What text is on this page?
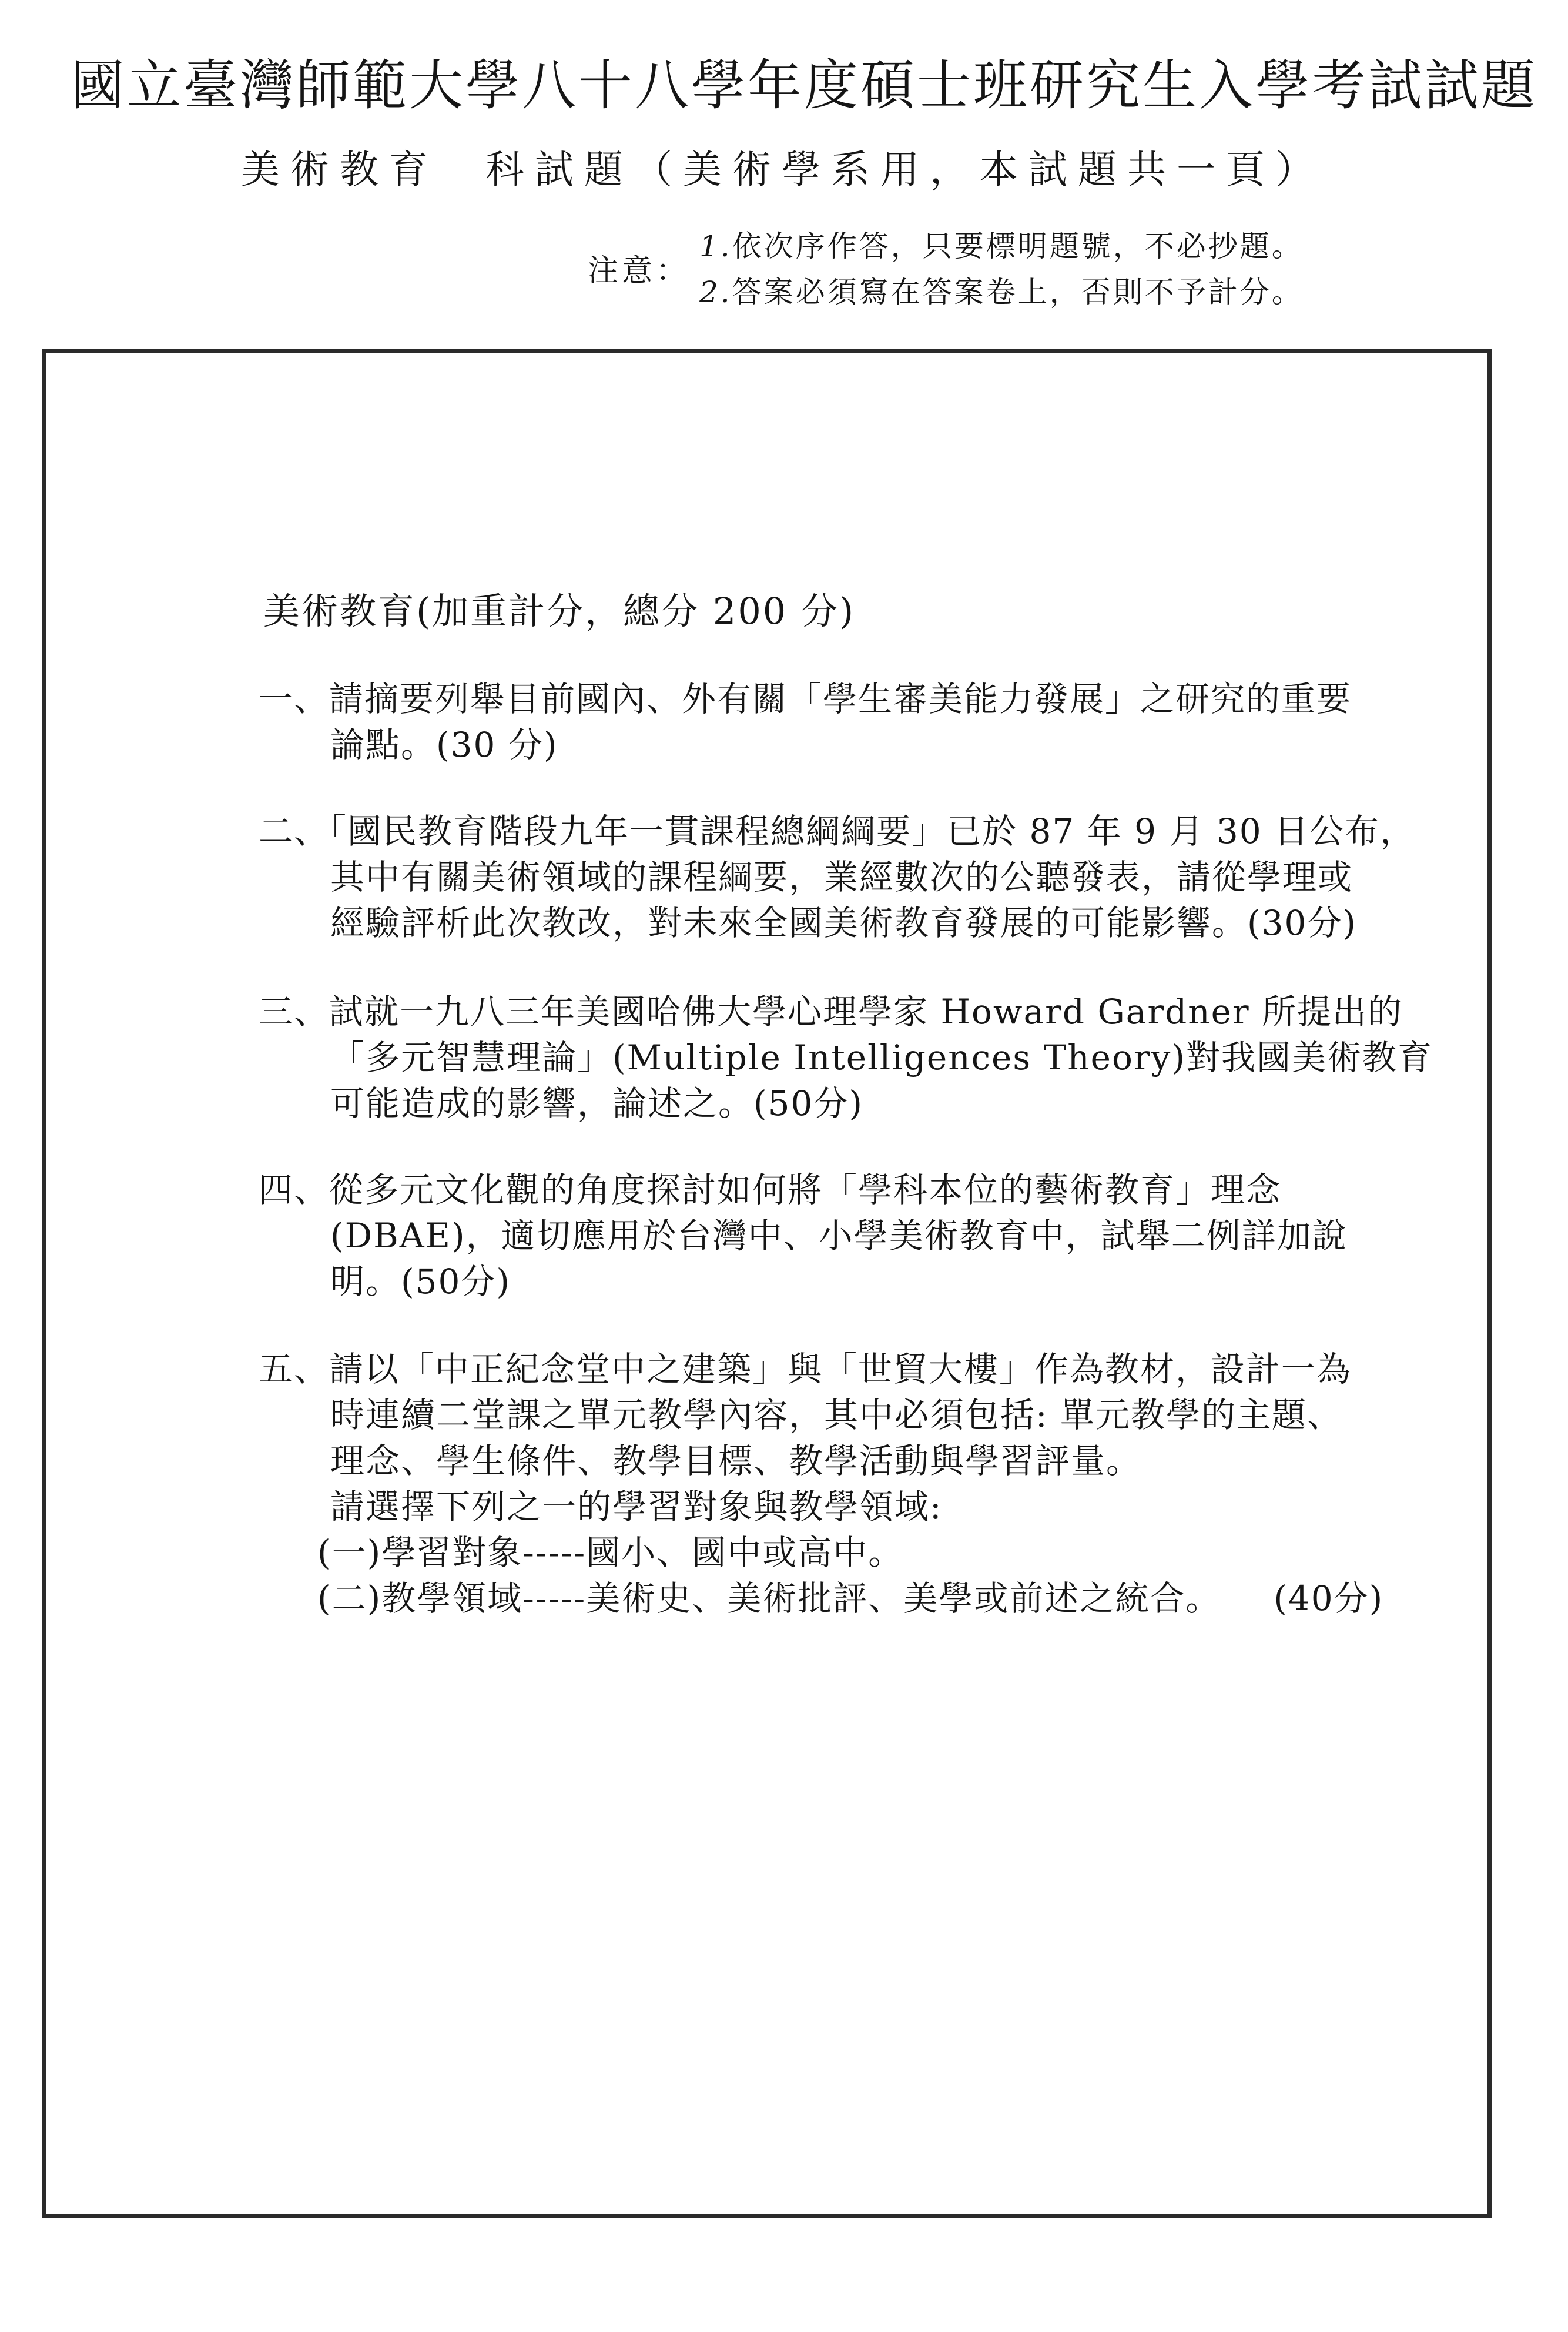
國立臺灣師範大學八十八學年度碩士班研究生入學考試試題
美術教育 科試題（美術學系用，本試題共一頁）
注意：
1.依次序作答，只要標明題號，不必抄題。
2.答案必須寫在答案卷上，否則不予計分。
美術教育(加重計分，總分 200 分)
一、請摘要列舉目前國內、外有關「學生審美能力發展」之研究的重要
論點。(30 分)
二、「國民教育階段九年一貫課程總綱綱要」已於 87 年 9 月 30 日公布，
其中有關美術領域的課程綱要，業經數次的公聽發表，請從學理或
經驗評析此次教改，對未來全國美術教育發展的可能影響。(30分)
三、試就一九八三年美國哈佛大學心理學家 Howard Gardner 所提出的
「多元智慧理論」(Multiple Intelligences Theory)對我國美術教育
可能造成的影響，論述之。(50分)
四、從多元文化觀的角度探討如何將「學科本位的藝術教育」理念
(DBAE)，適切應用於台灣中、小學美術教育中，試舉二例詳加說
明。(50分)
五、請以「中正紀念堂中之建築」與「世貿大樓」作為教材，設計一為
時連續二堂課之單元教學內容，其中必須包括: 單元教學的主題、
理念、學生條件、教學目標、教學活動與學習評量。
請選擇下列之一的學習對象與教學領域:
(一)學習對象-----國小、國中或高中。
(二)教學領域-----美術史、美術批評、美學或前述之統合。 (40分)
